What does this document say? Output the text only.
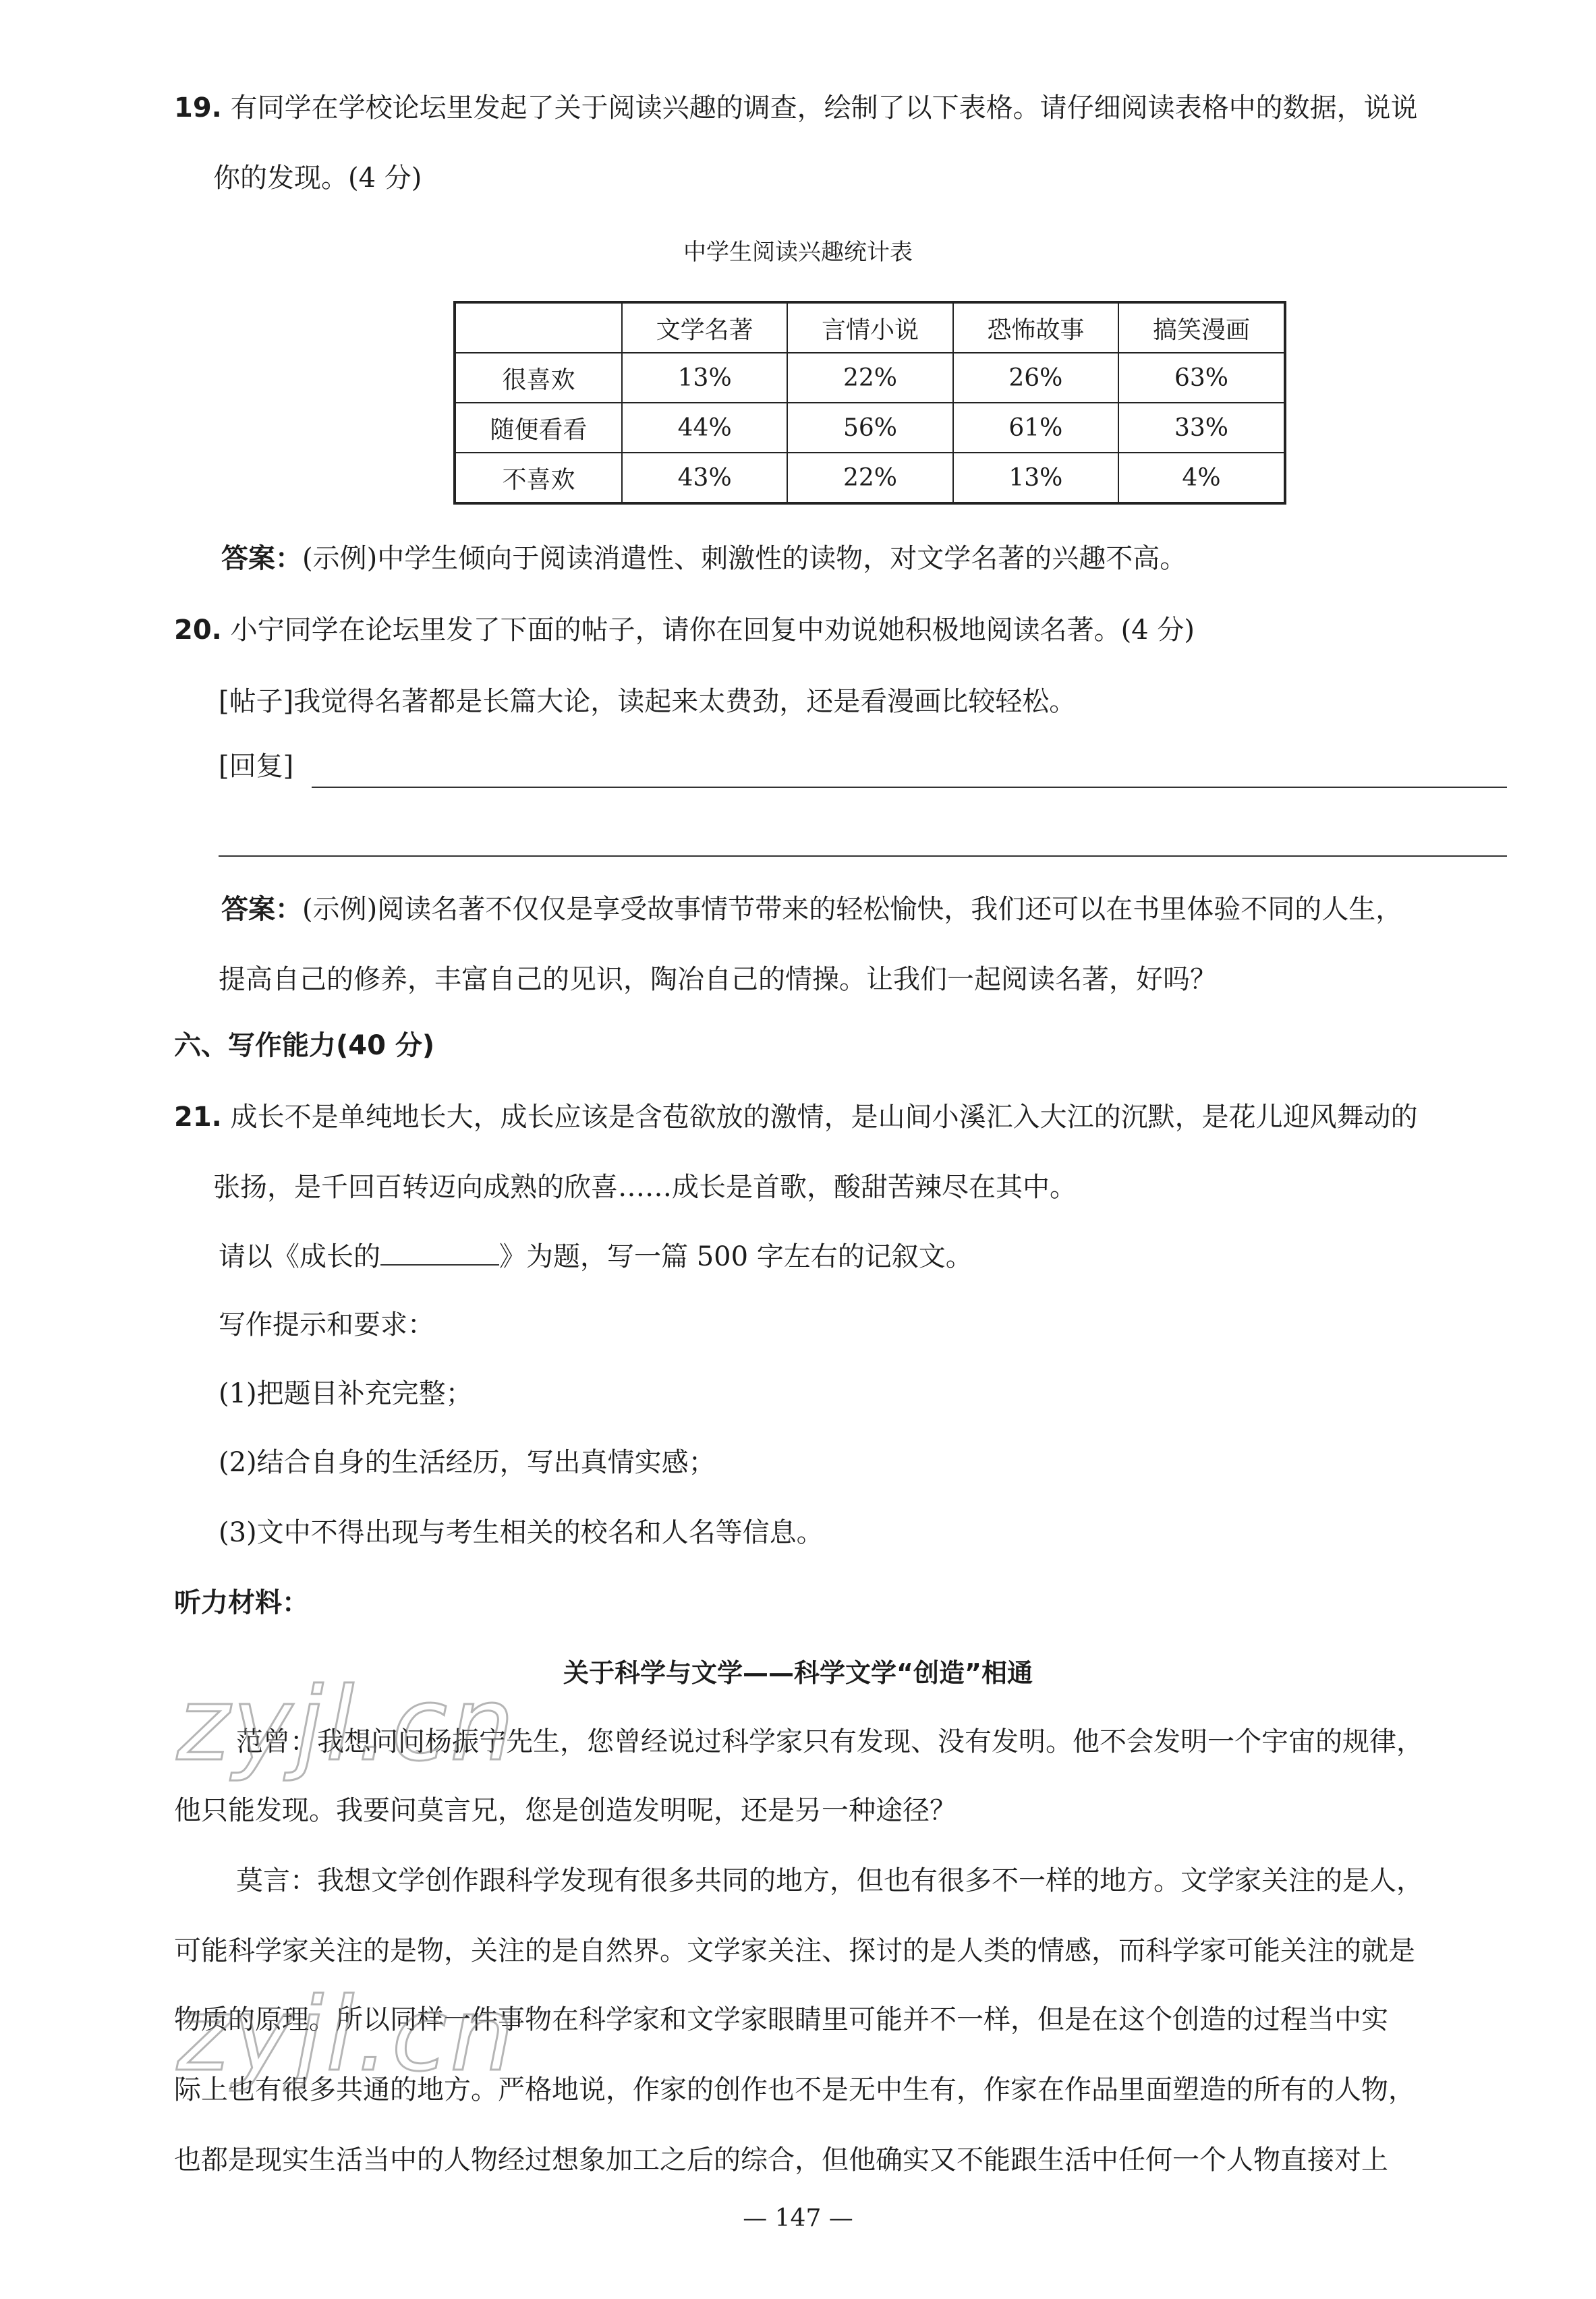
19. 有同学在学校论坛里发起了关于阅读兴趣的调查，绘制了以下表格。请仔细阅读表格中的数据，说说
你的发现。(4 分)
中学生阅读兴趣统计表
	文学名著	言情小说	恐怖故事	搞笑漫画
很喜欢	13%	22%	26%	63%
随便看看	44%	56%	61%	33%
不喜欢	43%	22%	13%	4%
答案：(示例)中学生倾向于阅读消遣性、刺激性的读物，对文学名著的兴趣不高。
20. 小宁同学在论坛里发了下面的帖子，请你在回复中劝说她积极地阅读名著。(4 分)
[帖子]我觉得名著都是长篇大论，读起来太费劲，还是看漫画比较轻松。
[回复]
答案：(示例)阅读名著不仅仅是享受故事情节带来的轻松愉快，我们还可以在书里体验不同的人生，
提高自己的修养，丰富自己的见识，陶冶自己的情操。让我们一起阅读名著，好吗？
六、写作能力(40 分)
21. 成长不是单纯地长大，成长应该是含苞欲放的激情，是山间小溪汇入大江的沉默，是花儿迎风舞动的
张扬，是千回百转迈向成熟的欣喜……成长是首歌，酸甜苦辣尽在其中。
请以《成长的	》为题，写一篇 500 字左右的记叙文。
写作提示和要求：
(1)把题目补充完整；
(2)结合自身的生活经历，写出真情实感；
(3)文中不得出现与考生相关的校名和人名等信息。
听力材料：
关于科学与文学——科学文学“创造”相通
范曾：我想问问杨振宁先生，您曾经说过科学家只有发现、没有发明。他不会发明一个宇宙的规律，
他只能发现。我要问莫言兄，您是创造发明呢，还是另一种途径？
莫言：我想文学创作跟科学发现有很多共同的地方，但也有很多不一样的地方。文学家关注的是人，
可能科学家关注的是物，关注的是自然界。文学家关注、探讨的是人类的情感，而科学家可能关注的就是
物质的原理。所以同样一件事物在科学家和文学家眼睛里可能并不一样，但是在这个创造的过程当中实
际上也有很多共通的地方。严格地说，作家的创作也不是无中生有，作家在作品里面塑造的所有的人物，
也都是现实生活当中的人物经过想象加工之后的综合，但他确实又不能跟生活中任何一个人物直接对上
zyjl.cn
zyjl.cn
— 147 —
